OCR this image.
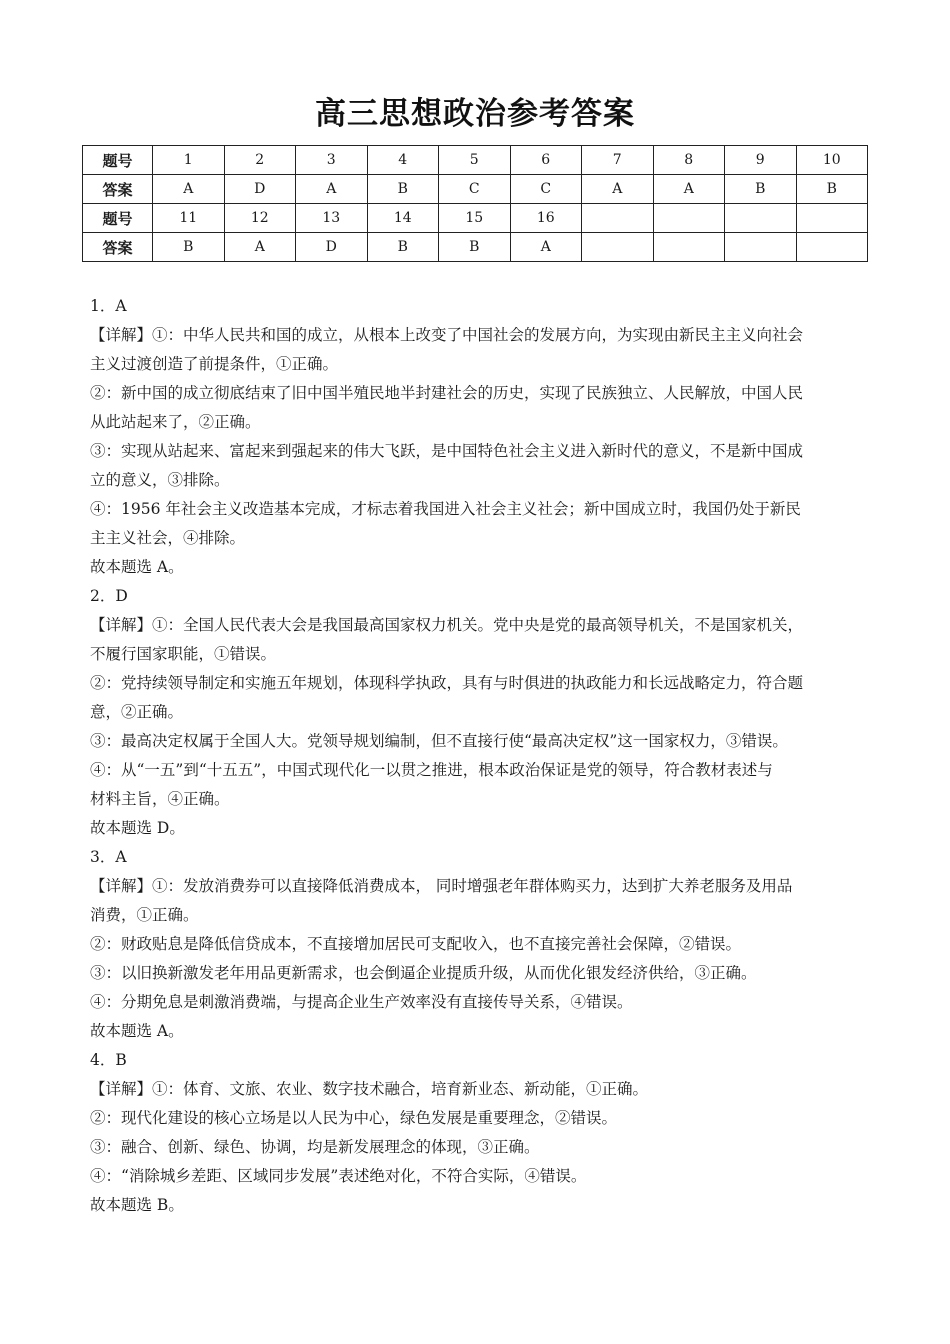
高三思想政治参考答案
题号	1	2	3	4	5	6	7	8	9	10
答案	A	D	A	B	C	C	A	A	B	B
题号	11	12	13	14	15	16				
答案	B	A	D	B	B	A				

1．A

【详解】①：中华人民共和国的成立，从根本上改变了中国社会的发展方向，为实现由新民主主义向社会

主义过渡创造了前提条件，①正确。

②：新中国的成立彻底结束了旧中国半殖民地半封建社会的历史，实现了民族独立、人民解放，中国人民

从此站起来了，②正确。

③：实现从站起来、富起来到强起来的伟大飞跃，是中国特色社会主义进入新时代的意义，不是新中国成

立的意义，③排除。

④：1956 年社会主义改造基本完成，才标志着我国进入社会主义社会；新中国成立时，我国仍处于新民

主主义社会，④排除。

故本题选 A。

2．D

【详解】①：全国人民代表大会是我国最高国家权力机关。党中央是党的最高领导机关，不是国家机关，

不履行国家职能，①错误。

②：党持续领导制定和实施五年规划，体现科学执政，具有与时俱进的执政能力和长远战略定力，符合题

意，②正确。

③：最高决定权属于全国人大。党领导规划编制，但不直接行使“最高决定权”这一国家权力，③错误。

④：从“一五”到“十五五”，中国式现代化一以贯之推进，根本政治保证是党的领导，符合教材表述与

材料主旨，④正确。

故本题选 D。

3．A

【详解】①：发放消费券可以直接降低消费成本， 同时增强老年群体购买力，达到扩大养老服务及用品

消费，①正确。

②：财政贴息是降低信贷成本，不直接增加居民可支配收入，也不直接完善社会保障，②错误。

③：以旧换新激发老年用品更新需求，也会倒逼企业提质升级，从而优化银发经济供给，③正确。

④：分期免息是刺激消费端，与提高企业生产效率没有直接传导关系，④错误。

故本题选 A。

4．B

【详解】①：体育、文旅、农业、数字技术融合，培育新业态、新动能，①正确。

②：现代化建设的核心立场是以人民为中心，绿色发展是重要理念，②错误。

③：融合、创新、绿色、协调，均是新发展理念的体现，③正确。

④：“消除城乡差距、区域同步发展”表述绝对化，不符合实际，④错误。

故本题选 B。
